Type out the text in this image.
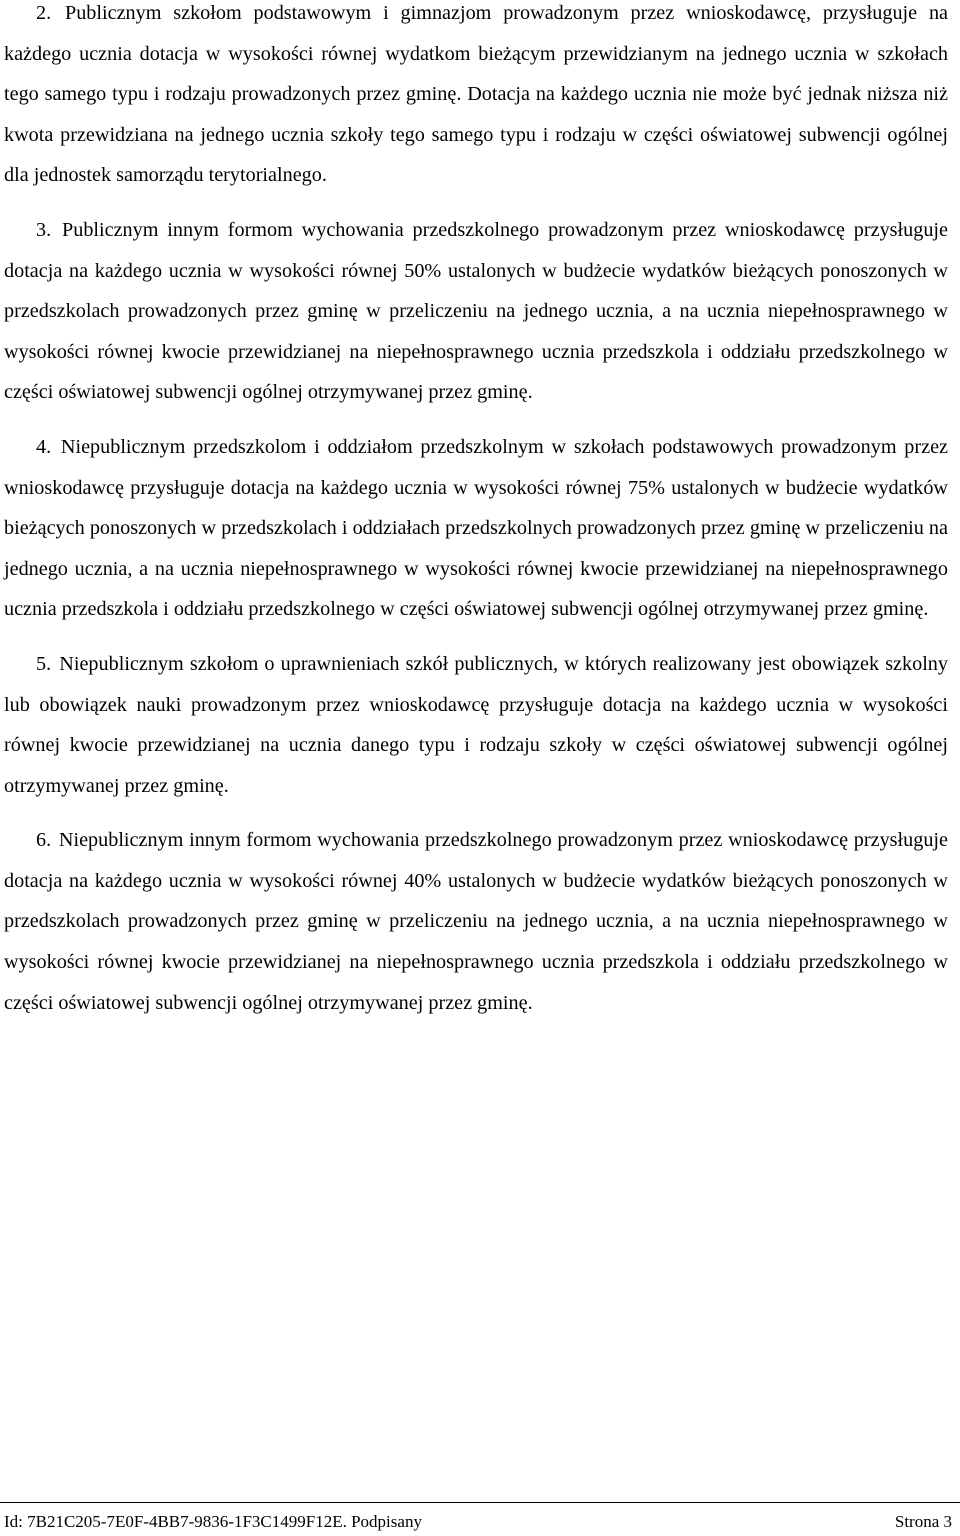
2. Publicznym szkołom podstawowym i gimnazjom prowadzonym przez wnioskodawcę, przysługuje na każdego ucznia dotacja w wysokości równej wydatkom bieżącym przewidzianym na jednego ucznia w szkołach tego samego typu i rodzaju prowadzonych przez gminę. Dotacja na każdego ucznia nie może być jednak niższa niż kwota przewidziana na jednego ucznia szkoły tego samego typu i rodzaju w części oświatowej subwencji ogólnej dla jednostek samorządu terytorialnego.

3. Publicznym innym formom wychowania przedszkolnego prowadzonym przez wnioskodawcę przysługuje dotacja na każdego ucznia w wysokości równej 50% ustalonych w budżecie wydatków bieżących ponoszonych w przedszkolach prowadzonych przez gminę w przeliczeniu na jednego ucznia, a na ucznia niepełnosprawnego w wysokości równej kwocie przewidzianej na niepełnosprawnego ucznia przedszkola i oddziału przedszkolnego w części oświatowej subwencji ogólnej otrzymywanej przez gminę.

4. Niepublicznym przedszkolom i oddziałom przedszkolnym w szkołach podstawowych prowadzonym przez wnioskodawcę przysługuje dotacja na każdego ucznia w wysokości równej 75% ustalonych w budżecie wydatków bieżących ponoszonych w przedszkolach i oddziałach przedszkolnych prowadzonych przez gminę w przeliczeniu na jednego ucznia, a na ucznia niepełnosprawnego w wysokości równej kwocie przewidzianej na niepełnosprawnego ucznia przedszkola i oddziału przedszkolnego w części oświatowej subwencji ogólnej otrzymywanej przez gminę.

5. Niepublicznym szkołom o uprawnieniach szkół publicznych, w których realizowany jest obowiązek szkolny lub obowiązek nauki prowadzonym przez wnioskodawcę przysługuje dotacja na każdego ucznia w wysokości równej kwocie przewidzianej na ucznia danego typu i rodzaju szkoły w części oświatowej subwencji ogólnej otrzymywanej przez gminę.

6. Niepublicznym innym formom wychowania przedszkolnego prowadzonym przez wnioskodawcę przysługuje dotacja na każdego ucznia w wysokości równej 40% ustalonych w budżecie wydatków bieżących ponoszonych w przedszkolach prowadzonych przez gminę w przeliczeniu na jednego ucznia, a na ucznia niepełnosprawnego w wysokości równej kwocie przewidzianej na niepełnosprawnego ucznia przedszkola i oddziału przedszkolnego w części oświatowej subwencji ogólnej otrzymywanej przez gminę.

Id: 7B21C205-7E0F-4BB7-9836-1F3C1499F12E. Podpisany	Strona 3
